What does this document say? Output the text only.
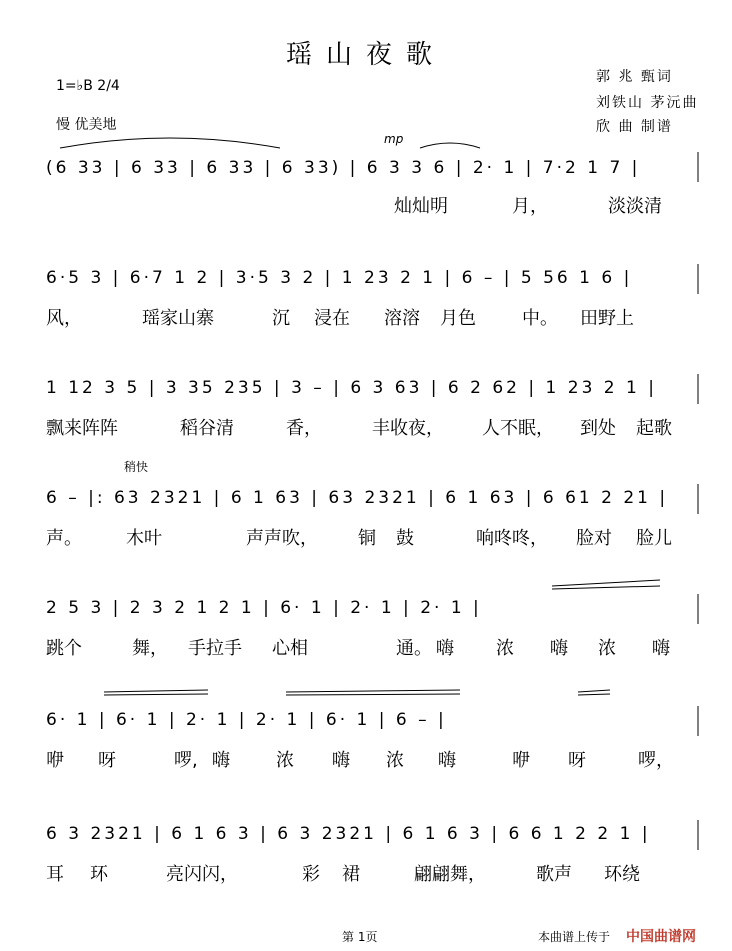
瑶山夜歌
1=♭B 2/4
慢 优美地
郭 兆 甄词
刘铁山 茅沅曲
欣 曲 制谱
mp
稍快
(6 33 | 6 33 | 6 33 | 6 33) | 6 3 3 6 | 2· 1 | 7·2 1 7 |
灿灿明	月，	淡淡清
6·5 3 | 6·7 1 2 | 3·5 3 2 | 1 23 2 1 | 6 – | 5 56 1 6 |
风，	瑶家山寨	沉 浸在 溶溶 月色	中。 田野上
1 12 3 5 | 3 35 235 | 3 – | 6 3 63 | 6 2 62 | 1 23 2 1 |
飘来阵阵	稻谷清	香，	丰收夜， 人不眠， 到处 起歌
6 – |: 63 2321 | 6 1 63 | 63 2321 | 6 1 63 | 6 61 2 21 |
声。 木叶	声声吹， 铜 鼓	响咚咚， 脸对 脸儿
2 5 3 | 2 3 2 1 2 1 | 6· 1 | 2· 1 | 2· 1 |
跳个	舞， 手拉手 心相	通。 嗨 浓 嗨 浓 嗨
6· 1 | 6· 1 | 2· 1 | 2· 1 | 6· 1 | 6 – |
咿 呀	啰, 嗨	浓 嗨 浓 嗨	咿 呀	啰，
6 3 2321 | 6 1 6 3 | 6 3 2321 | 6 1 6 3 | 6 6 1 2 2 1 |
耳 环	亮闪闪，	彩 裙	翩翩舞，	歌声 环绕
第 1页	本曲谱上传于 中国曲谱网
